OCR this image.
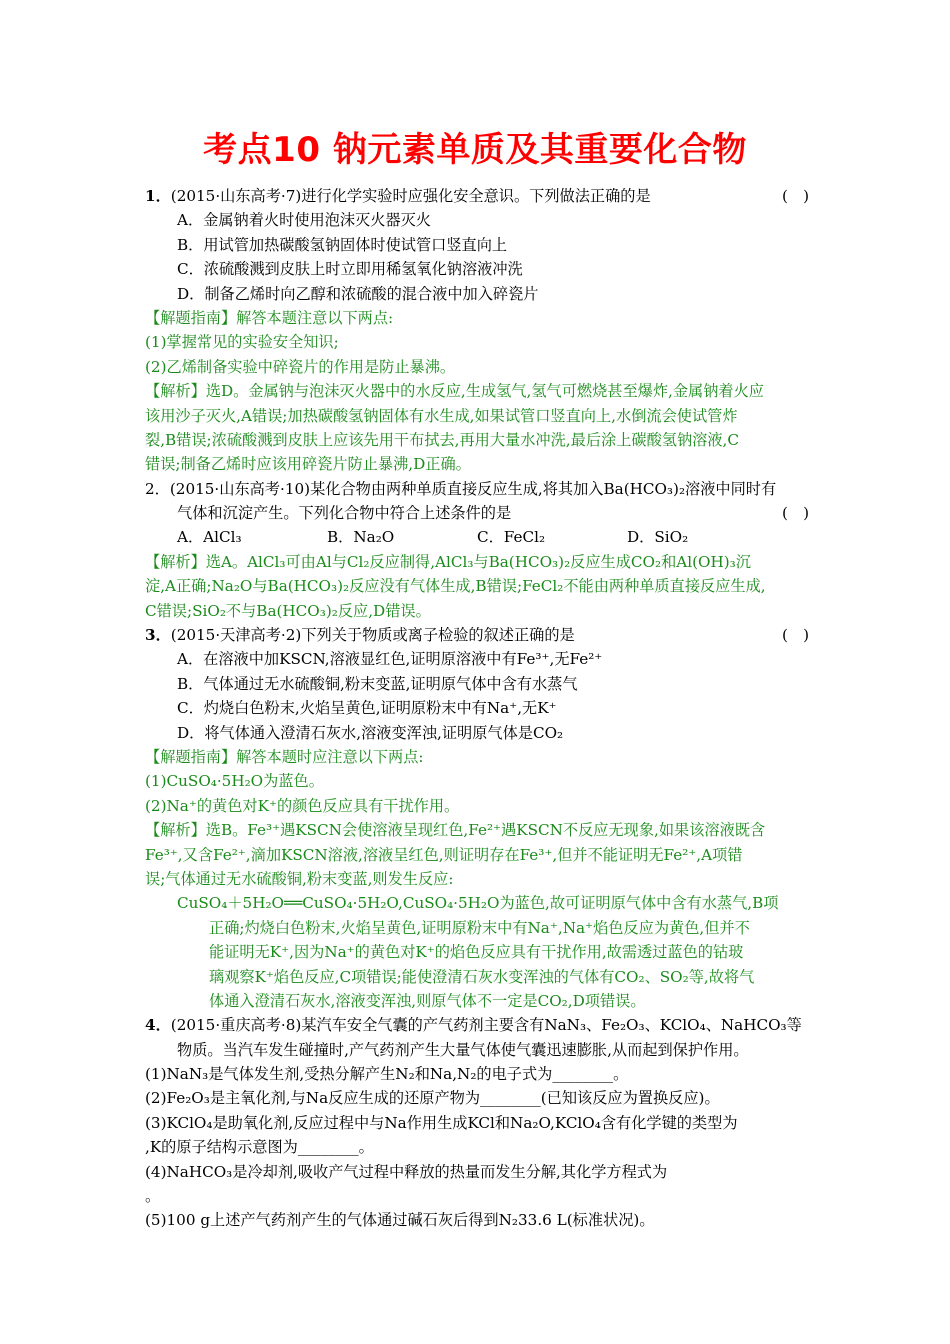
考点10 钠元素单质及其重要化合物
1．(2015·山东高考·7)进行化学实验时应强化安全意识。下列做法正确的是	(　)
A．金属钠着火时使用泡沫灭火器灭火
B．用试管加热碳酸氢钠固体时使试管口竖直向上
C．浓硫酸溅到皮肤上时立即用稀氢氧化钠溶液冲洗
D．制备乙烯时向乙醇和浓硫酸的混合液中加入碎瓷片
【解题指南】解答本题注意以下两点:
(1)掌握常见的实验安全知识;
(2)乙烯制备实验中碎瓷片的作用是防止暴沸。
【解析】选D。金属钠与泡沫灭火器中的水反应,生成氢气,氢气可燃烧甚至爆炸,金属钠着火应
该用沙子灭火,A错误;加热碳酸氢钠固体有水生成,如果试管口竖直向上,水倒流会使试管炸
裂,B错误;浓硫酸溅到皮肤上应该先用干布拭去,再用大量水冲洗,最后涂上碳酸氢钠溶液,C
错误;制备乙烯时应该用碎瓷片防止暴沸,D正确。
2．(2015·山东高考·10)某化合物由两种单质直接反应生成,将其加入Ba(HCO₃)₂溶液中同时有
气体和沉淀产生。下列化合物中符合上述条件的是	(　)
A．AlCl₃	B．Na₂O	C．FeCl₂	D．SiO₂
【解析】选A。AlCl₃可由Al与Cl₂反应制得,AlCl₃与Ba(HCO₃)₂反应生成CO₂和Al(OH)₃沉
淀,A正确;Na₂O与Ba(HCO₃)₂反应没有气体生成,B错误;FeCl₂不能由两种单质直接反应生成,
C错误;SiO₂不与Ba(HCO₃)₂反应,D错误。
3．(2015·天津高考·2)下列关于物质或离子检验的叙述正确的是	(　)
A．在溶液中加KSCN,溶液显红色,证明原溶液中有Fe³⁺,无Fe²⁺
B．气体通过无水硫酸铜,粉末变蓝,证明原气体中含有水蒸气
C．灼烧白色粉末,火焰呈黄色,证明原粉末中有Na⁺,无K⁺
D．将气体通入澄清石灰水,溶液变浑浊,证明原气体是CO₂
【解题指南】解答本题时应注意以下两点:
(1)CuSO₄·5H₂O为蓝色。
(2)Na⁺的黄色对K⁺的颜色反应具有干扰作用。
【解析】选B。Fe³⁺遇KSCN会使溶液呈现红色,Fe²⁺遇KSCN不反应无现象,如果该溶液既含
Fe³⁺,又含Fe²⁺,滴加KSCN溶液,溶液呈红色,则证明存在Fe³⁺,但并不能证明无Fe²⁺,A项错
误;气体通过无水硫酸铜,粉末变蓝,则发生反应:
CuSO₄＋5H₂O══CuSO₄·5H₂O,CuSO₄·5H₂O为蓝色,故可证明原气体中含有水蒸气,B项
正确;灼烧白色粉末,火焰呈黄色,证明原粉末中有Na⁺,Na⁺焰色反应为黄色,但并不
能证明无K⁺,因为Na⁺的黄色对K⁺的焰色反应具有干扰作用,故需透过蓝色的钴玻
璃观察K⁺焰色反应,C项错误;能使澄清石灰水变浑浊的气体有CO₂、SO₂等,故将气
体通入澄清石灰水,溶液变浑浊,则原气体不一定是CO₂,D项错误。
4．(2015·重庆高考·8)某汽车安全气囊的产气药剂主要含有NaN₃、Fe₂O₃、KClO₄、NaHCO₃等
物质。当汽车发生碰撞时,产气药剂产生大量气体使气囊迅速膨胀,从而起到保护作用。
(1)NaN₃是气体发生剂,受热分解产生N₂和Na,N₂的电子式为________。
(2)Fe₂O₃是主氧化剂,与Na反应生成的还原产物为________(已知该反应为置换反应)。
(3)KClO₄是助氧化剂,反应过程中与Na作用生成KCl和Na₂O,KClO₄含有化学键的类型为
,K的原子结构示意图为________。
(4)NaHCO₃是冷却剂,吸收产气过程中释放的热量而发生分解,其化学方程式为
。
(5)100 g上述产气药剂产生的气体通过碱石灰后得到N₂33.6 L(标准状况)。
